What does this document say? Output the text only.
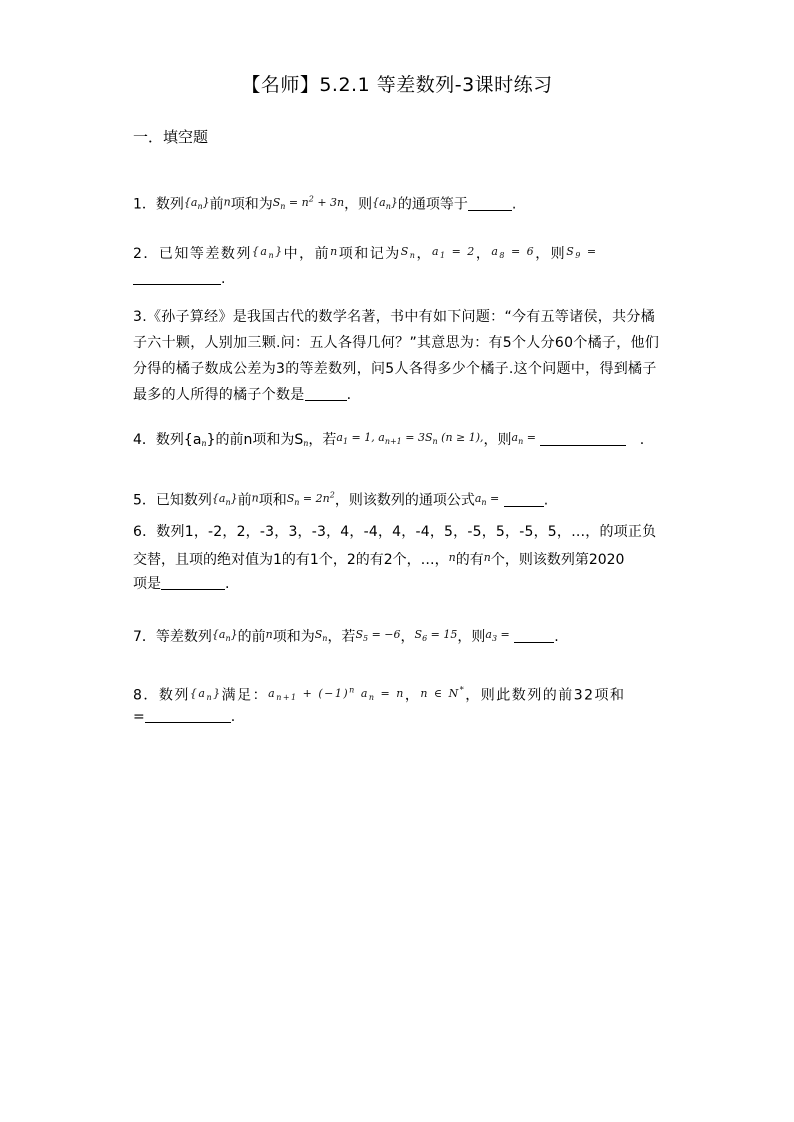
【名师】5.2.1 等差数列-3课时练习
一．填空题
1．数列$^{\{a_n\}}$前$^n$项和为$^{S_n = n^2 + 3n}$，则$^{\{a_n\}}$的通项等于	.
2．已知等差数列$^{\{a_n\}}$中，前$^n$项和记为$^{S_n}$，$^{a_1 = 2}$，$^{a_8 = 6}$，则$^{S_9 =}$
.
3.《孙子算经》是我国古代的数学名著，书中有如下问题：“今有五等诸侯，共分橘子六十颗，人别加三颗.问：五人各得几何？”其意思为：有5个人分60个橘子，他们分得的橘子数成公差为3的等差数列，问5人各得多少个橘子.这个问题中，得到橘子最多的人所得的橘子个数是	.
4．数列{an}的前n项和为Sn，若$^{a_1 = 1, a_{n+1} = 3S_n (n \ge 1),}$，则$^{a_n =}$	.
5．已知数列$^{\{a_n\}}$前$^n$项和$^{S_n = 2n^2}$，则该数列的通项公式$^{a_n =}$	.
6．数列1，-2，2，-3，3，-3，4，-4，4，-4，5，-5，5，-5，5，…，的项正负
交替，且项的绝对值为1的有1个，2的有2个，…，$^n$的有$^n$个，则该数列第2020
项是	.
7．等差数列$^{\{a_n\}}$的前$^n$项和为$^{S_n}$，若$^{S_5 = -6}$，$^{S_6 = 15}$，则$^{a_3 =}$	.
8．数列$^{\{a_n\}}$满足：$^{a_{n+1} + (-1)^n a_n = n}$，$^{n \in N^*}$，则此数列的前32项和
=	.
